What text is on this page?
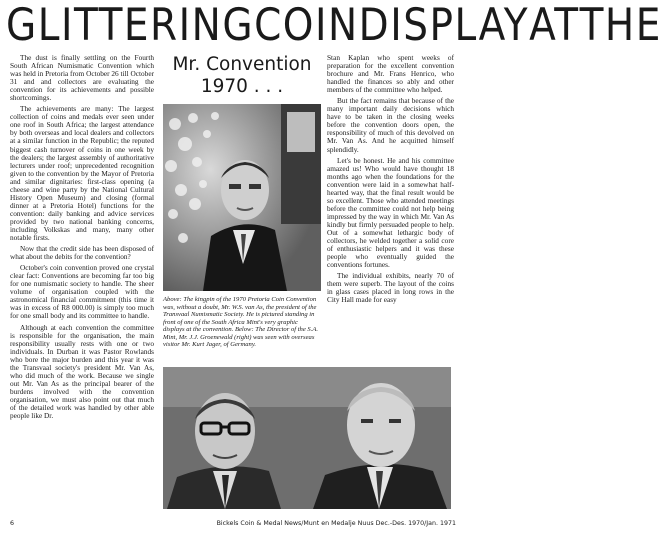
GLITTERING COIN DISPLAY AT THE

The dust is finally settling on the Fourth South African Numismatic Convention which was held in Pretoria from October 26 till October 31 and and collectors are evaluating the convention for its achievements and possible shortcomings.

The achievements are many: The largest collection of coins and medals ever seen under one roof in South Africa; the largest attendance by both overseas and local dealers and collectors at a similar function in the Republic; the reputed biggest cash turnover of coins in one week by the dealers; the largest assembly of authoritative lecturers under roof; unprecedented recognition given to the convention by the Mayor of Pretoria and similar dignitaries: first-class opening (a cheese and wine party by the National Cultural History Open Museum) and closing (formal dinner at a Pretoria Hotel) functions for the convention: daily banking and advice services provided by two national banking concerns, including Volkskas and many, many other notable firsts.

Now that the credit side has been disposed of what about the debits for the convention?

October's coin convention proved one crystal clear fact: Conventions are becoming far too big for one numismatic society to handle. The sheer volume of organisation coupled with the astronomical financial commitment (this time it was in excess of R8 000.00) is simply too much for one small body and its committee to handle.

Although at each convention the committee is responsible for the organisation, the main responsibility usually rests with one or two individuals. In Durban it was Pastor Rowlands who bore the major burden and this year it was the Transvaal society's president Mr. Van As, who did much of the work. Because we single out Mr. Van As as the principal bearer of the burdens involved with the convention organisation, we must also point out that much of the detailed work was handled by other able people like Dr.

Mr. Convention
1970 . . .
Above: The kingpin of the 1970 Pretoria Coin Convention was, without a doubt, Mr. W.S. van As, the president of the Transvaal Numismatic Society. He is pictured standing in front of one of the South Africa Mint's very graphic displays at the convention. Below: The Director of the S.A. Mint, Mr. J.J. Groenewald (right) was seen with overseas visitor Mr. Kurt Jager, of Germany.

Stan Kaplan who spent weeks of preparation for the excellent convention brochure and Mr. Frans Henrico, who handled the finances so ably and other members of the committee who helped.

But the fact remains that because of the many important daily decisions which have to be taken in the closing weeks before the convention doors open, the responsibility of much of this devolved on Mr. Van As. And he acquitted himself splendidly.

Let's be honest. He and his committee amazed us! Who would have thought 18 months ago when the foundations for the convention were laid in a somewhat half-hearted way, that the final result would be so excellent. Those who attended meetings before the committee could not help being impressed by the way in which Mr. Van As kindly but firmly persuaded people to help. Out of a somewhat lethargic body of collectors, he welded together a solid core of enthusiastic helpers and it was these people who eventually guided the conventions fortunes.

The individual exhibits, nearly 70 of them were superb. The layout of the coins in glass cases placed in long rows in the City Hall made for easy

6	Bickels Coin & Medal News/Munt en Medalje Nuus Dec.-Des. 1970/Jan. 1971
